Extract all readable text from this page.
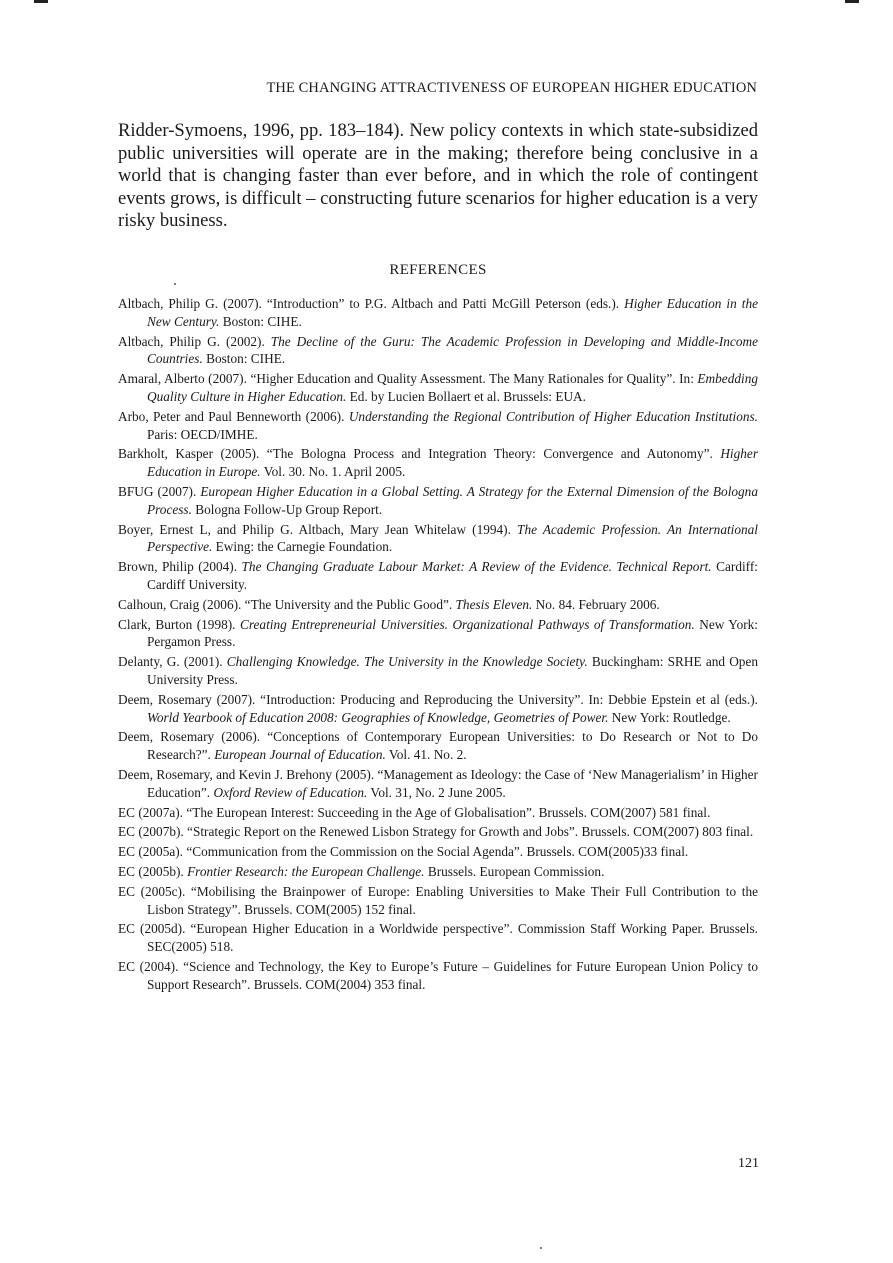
THE CHANGING ATTRACTIVENESS OF EUROPEAN HIGHER EDUCATION

Ridder-Symoens, 1996, pp. 183–184). New policy contexts in which state-subsidized public universities will operate are in the making; therefore being conclusive in a world that is changing faster than ever before, and in which the role of contingent events grows, is difficult – constructing future scenarios for higher education is a very risky business.

REFERENCES
Altbach, Philip G. (2007). “Introduction” to P.G. Altbach and Patti McGill Peterson (eds.). Higher Education in the New Century. Boston: CIHE.
Altbach, Philip G. (2002). The Decline of the Guru: The Academic Profession in Developing and Middle-Income Countries. Boston: CIHE.
Amaral, Alberto (2007). “Higher Education and Quality Assessment. The Many Rationales for Quality”. In: Embedding Quality Culture in Higher Education. Ed. by Lucien Bollaert et al. Brussels: EUA.
Arbo, Peter and Paul Benneworth (2006). Understanding the Regional Contribution of Higher Education Institutions. Paris: OECD/IMHE.
Barkholt, Kasper (2005). “The Bologna Process and Integration Theory: Convergence and Autonomy”. Higher Education in Europe. Vol. 30. No. 1. April 2005.
BFUG (2007). European Higher Education in a Global Setting. A Strategy for the External Dimension of the Bologna Process. Bologna Follow-Up Group Report.
Boyer, Ernest L, and Philip G. Altbach, Mary Jean Whitelaw (1994). The Academic Profession. An International Perspective. Ewing: the Carnegie Foundation.
Brown, Philip (2004). The Changing Graduate Labour Market: A Review of the Evidence. Technical Report. Cardiff: Cardiff University.
Calhoun, Craig (2006). “The University and the Public Good”. Thesis Eleven. No. 84. February 2006.
Clark, Burton (1998). Creating Entrepreneurial Universities. Organizational Pathways of Transformation. New York: Pergamon Press.
Delanty, G. (2001). Challenging Knowledge. The University in the Knowledge Society. Buckingham: SRHE and Open University Press.
Deem, Rosemary (2007). “Introduction: Producing and Reproducing the University”. In: Debbie Epstein et al (eds.). World Yearbook of Education 2008: Geographies of Knowledge, Geometries of Power. New York: Routledge.
Deem, Rosemary (2006). “Conceptions of Contemporary European Universities: to Do Research or Not to Do Research?”. European Journal of Education. Vol. 41. No. 2.
Deem, Rosemary, and Kevin J. Brehony (2005). “Management as Ideology: the Case of ‘New Managerialism’ in Higher Education”. Oxford Review of Education. Vol. 31, No. 2 June 2005.
EC (2007a). “The European Interest: Succeeding in the Age of Globalisation”. Brussels. COM(2007) 581 final.
EC (2007b). “Strategic Report on the Renewed Lisbon Strategy for Growth and Jobs”. Brussels. COM(2007) 803 final.
EC (2005a). “Communication from the Commission on the Social Agenda”. Brussels. COM(2005)33 final.
EC (2005b). Frontier Research: the European Challenge. Brussels. European Commission.
EC (2005c). “Mobilising the Brainpower of Europe: Enabling Universities to Make Their Full Contribution to the Lisbon Strategy”. Brussels. COM(2005) 152 final.
EC (2005d). “European Higher Education in a Worldwide perspective”. Commission Staff Working Paper. Brussels. SEC(2005) 518.
EC (2004). “Science and Technology, the Key to Europe’s Future – Guidelines for Future European Union Policy to Support Research”. Brussels. COM(2004) 353 final.
121
